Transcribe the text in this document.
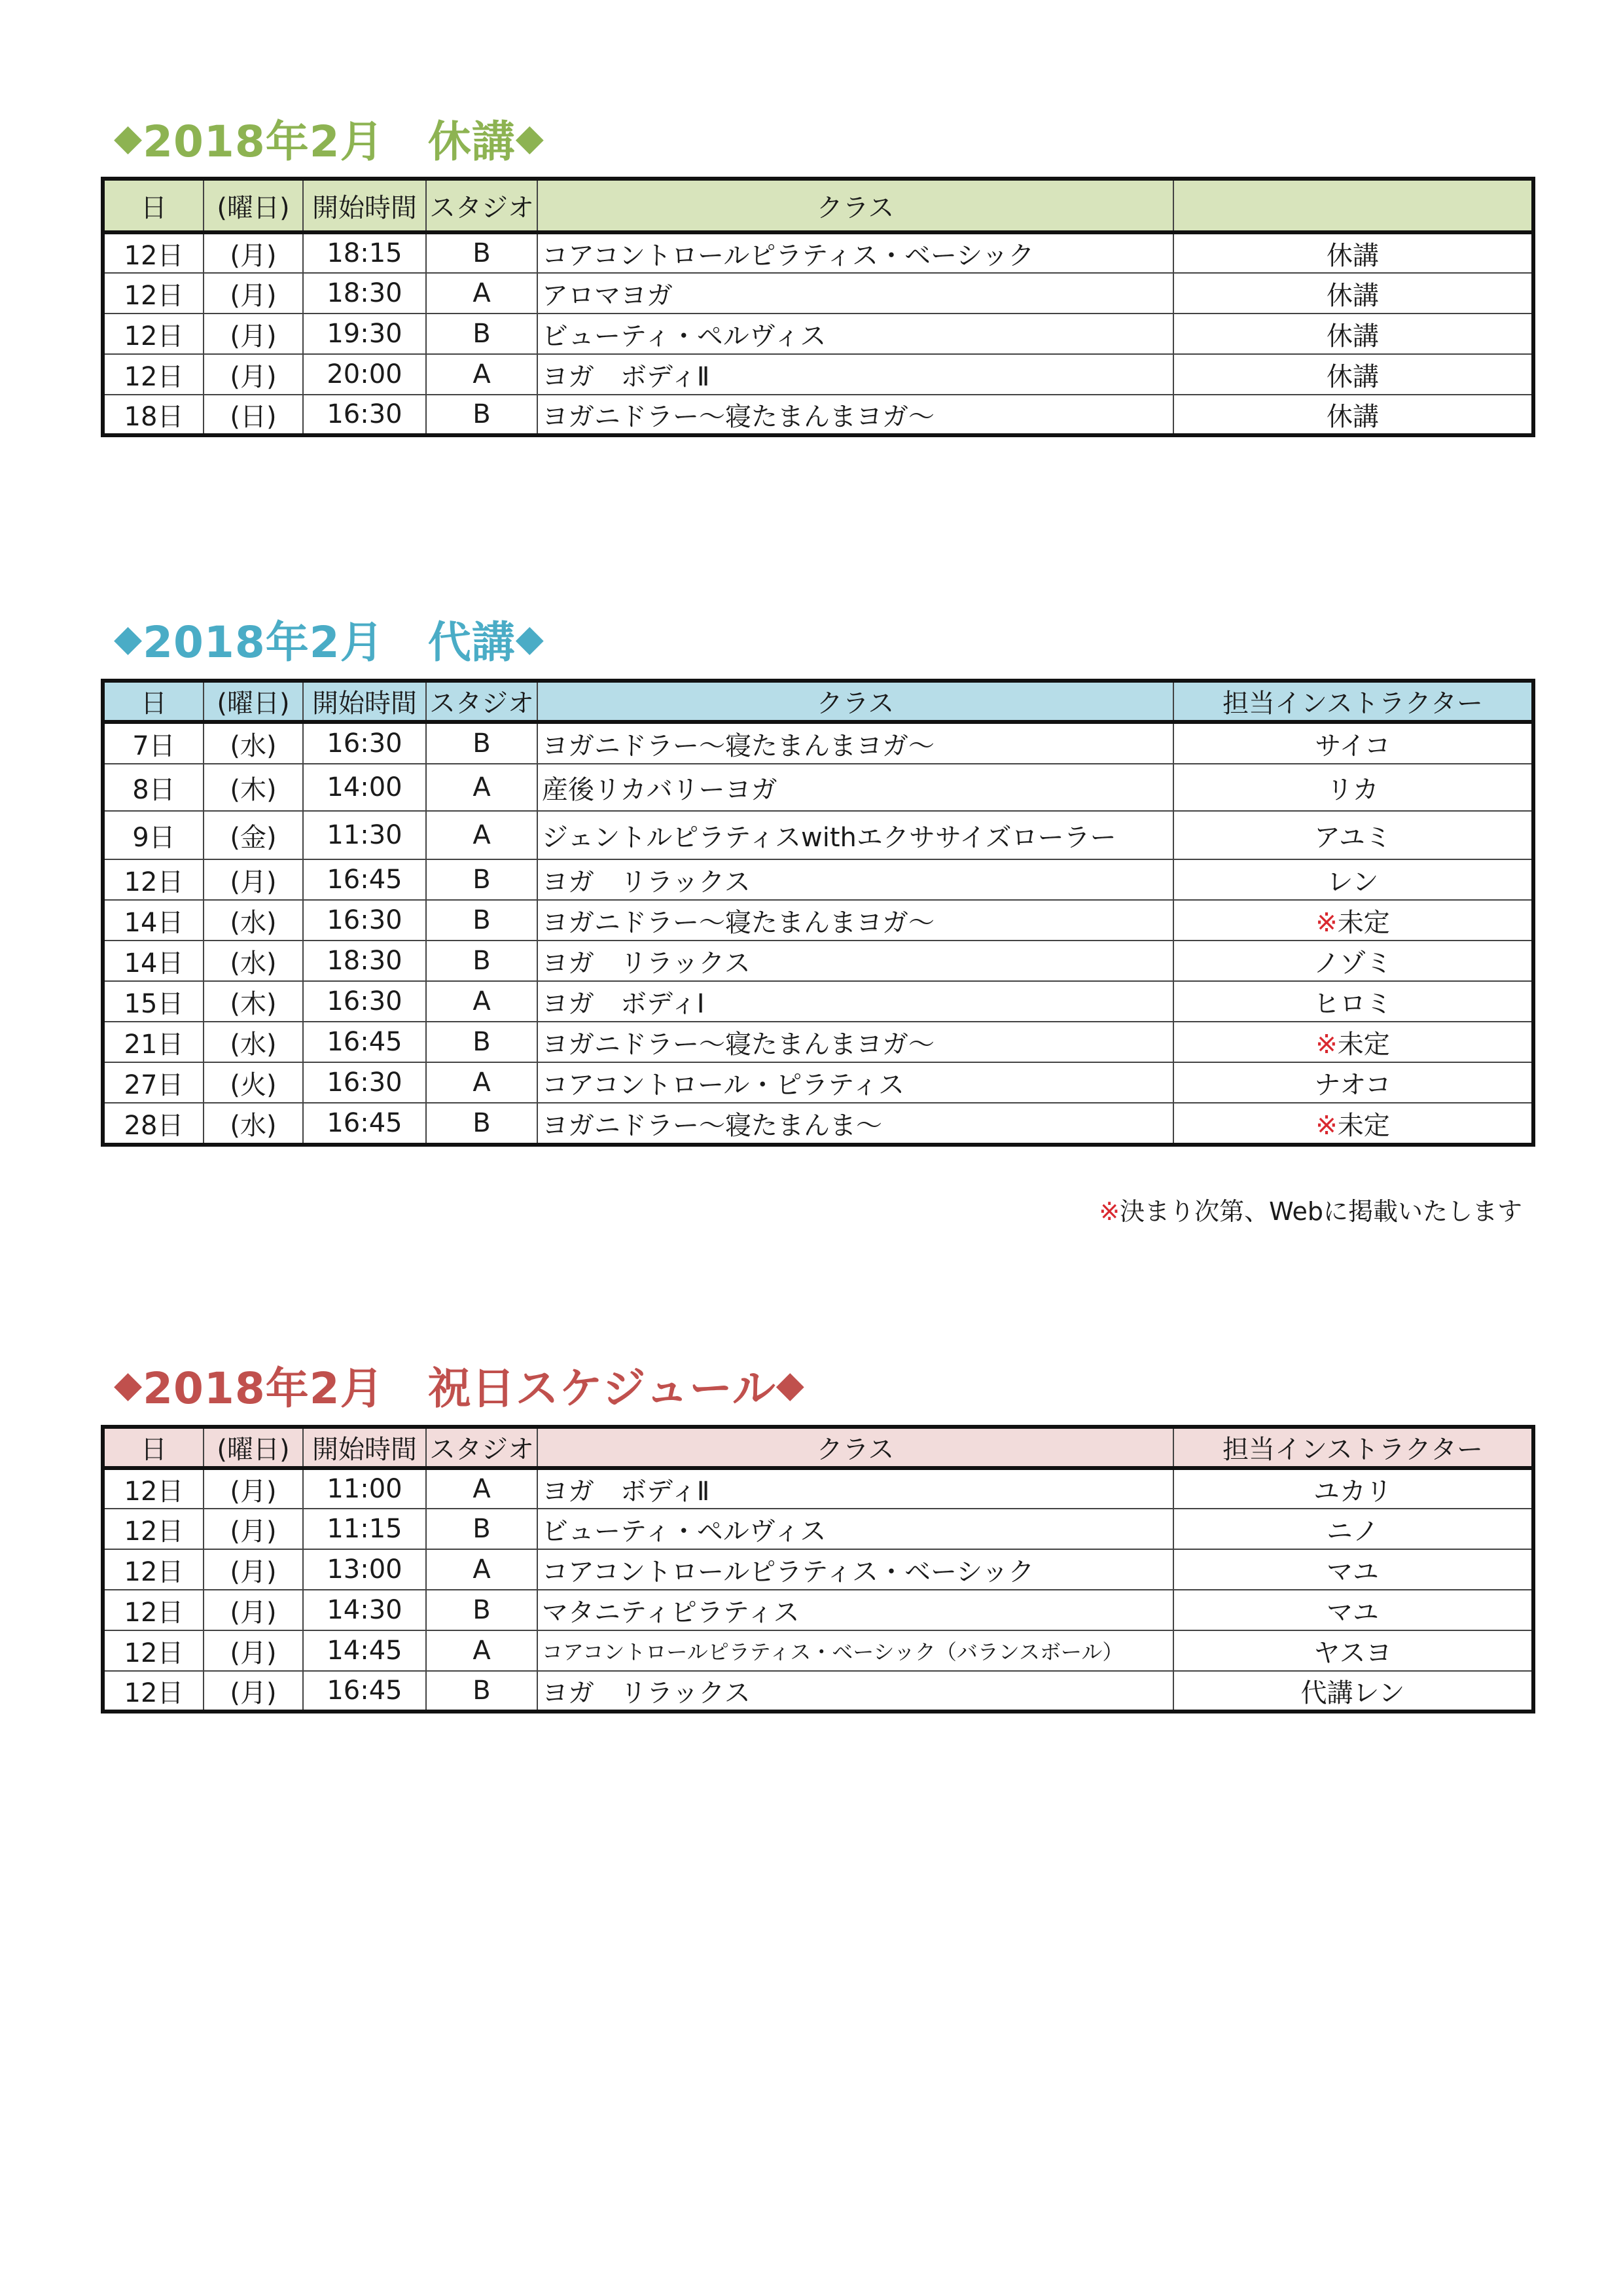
◆ 2018年2月　休講 ◆
日	(曜日)	開始時間	スタジオ	クラス	
12日	(月)	18:15	B	コアコントロールピラティス・ベーシック	休講
12日	(月)	18:30	A	アロマヨガ	休講
12日	(月)	19:30	B	ビューティ・ペルヴィス	休講
12日	(月)	20:00	A	ヨガ　ボディⅡ	休講
18日	(日)	16:30	B	ヨガニドラー〜寝たまんまヨガ〜	休講
◆ 2018年2月　代講 ◆
日	(曜日)	開始時間	スタジオ	クラス	担当インストラクター
7日	(水)	16:30	B	ヨガニドラー〜寝たまんまヨガ〜	サイコ
8日	(木)	14:00	A	産後リカバリーヨガ	リカ
9日	(金)	11:30	A	ジェントルピラティスwithエクササイズローラー	アユミ
12日	(月)	16:45	B	ヨガ　リラックス	レン
14日	(水)	16:30	B	ヨガニドラー〜寝たまんまヨガ〜	※未定
14日	(水)	18:30	B	ヨガ　リラックス	ノゾミ
15日	(木)	16:30	A	ヨガ　ボディⅠ	ヒロミ
21日	(水)	16:45	B	ヨガニドラー〜寝たまんまヨガ〜	※未定
27日	(火)	16:30	A	コアコントロール・ピラティス	ナオコ
28日	(水)	16:45	B	ヨガニドラー〜寝たまんま〜	※未定
※決まり次第、Webに掲載いたします
◆ 2018年2月　祝日スケジュール ◆
日	(曜日)	開始時間	スタジオ	クラス	担当インストラクター
12日	(月)	11:00	A	ヨガ　ボディⅡ	ユカリ
12日	(月)	11:15	B	ビューティ・ペルヴィス	ニノ
12日	(月)	13:00	A	コアコントロールピラティス・ベーシック	マユ
12日	(月)	14:30	B	マタニティピラティス	マユ
12日	(月)	14:45	A	コアコントロールピラティス・ベーシック（バランスボール）	ヤスヨ
12日	(月)	16:45	B	ヨガ　リラックス	代講レン
